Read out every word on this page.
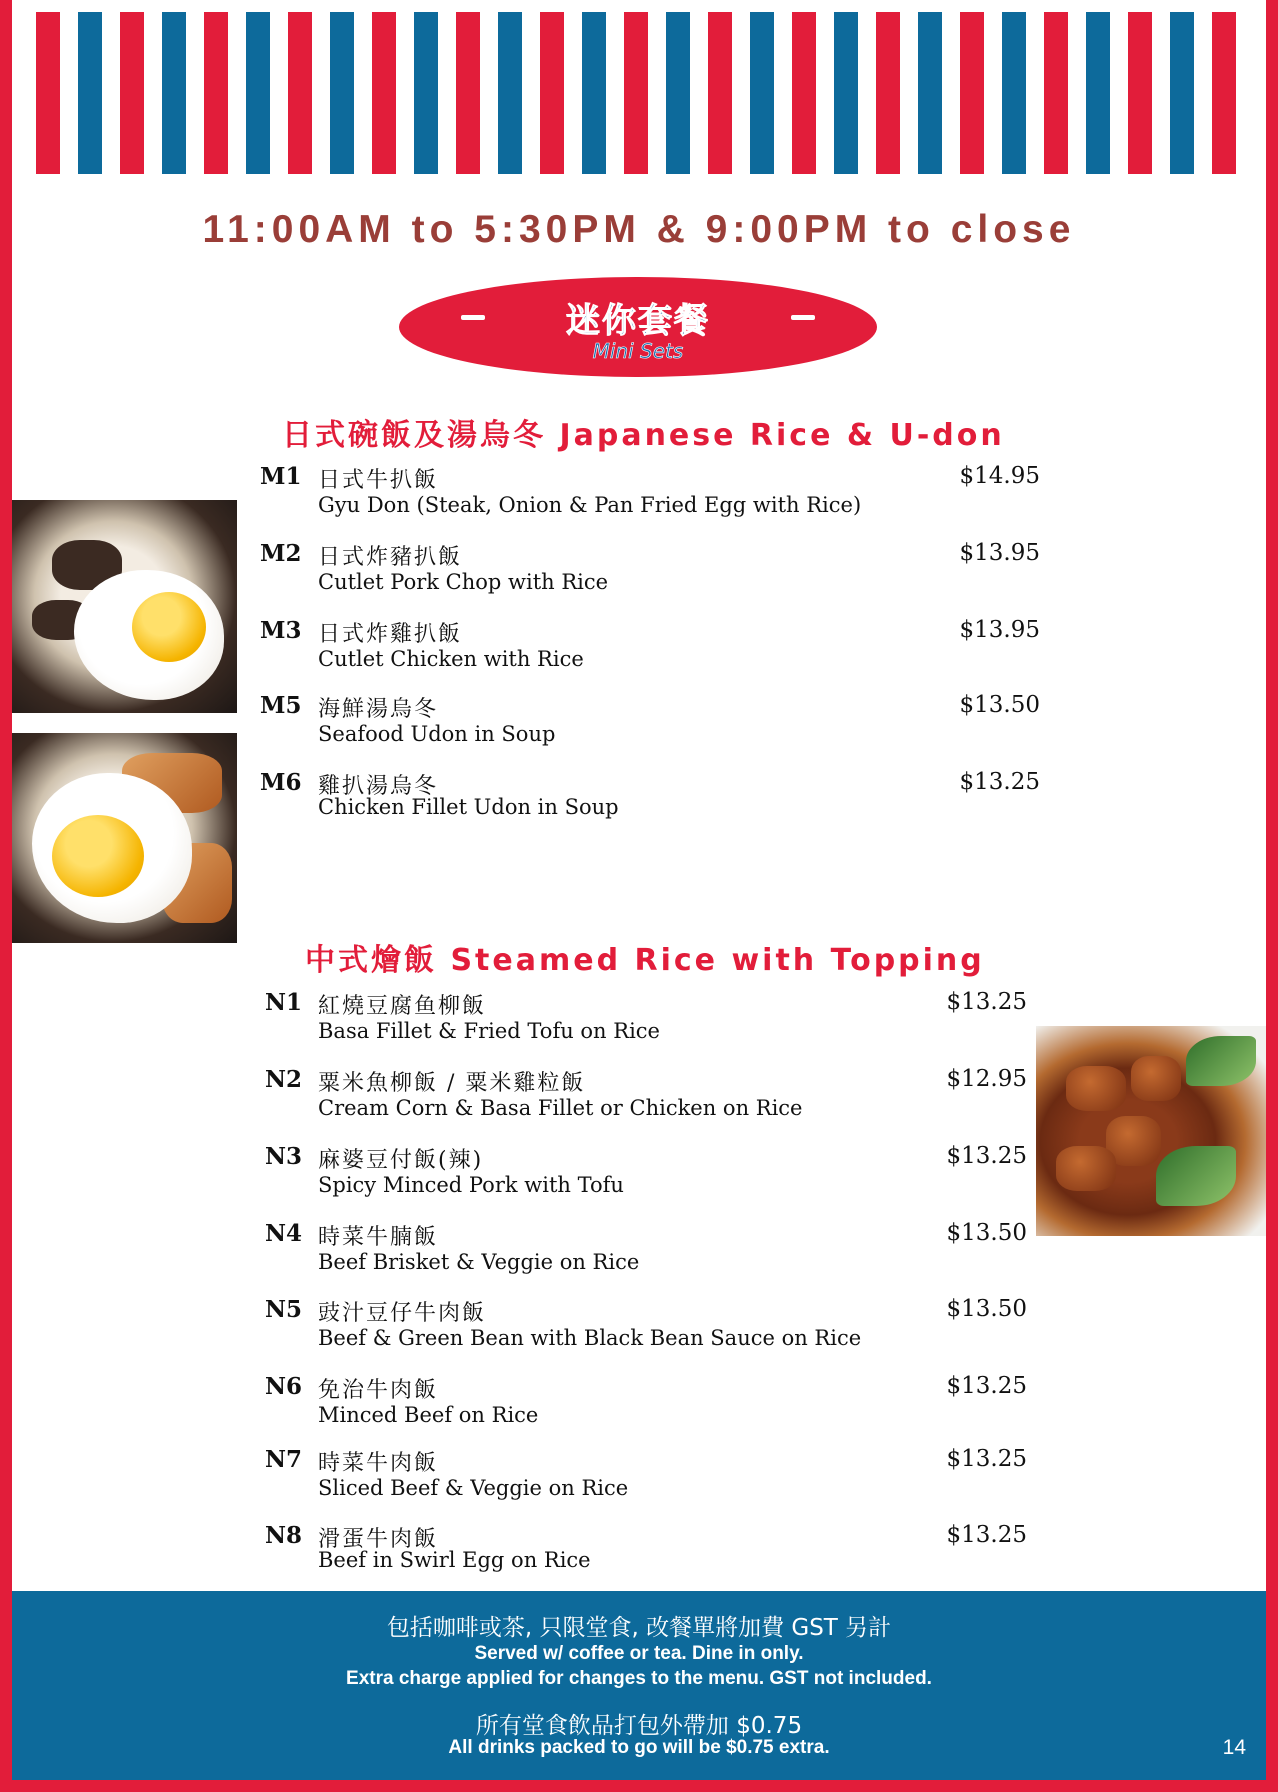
11:00AM to 5:30PM & 9:00PM to close
迷你套餐
Mini Sets
日式碗飯及湯烏冬 Japanese Rice & U-don
M1 日式牛扒飯
Gyu Don (Steak, Onion & Pan Fried Egg with Rice)
$14.95
M2 日式炸豬扒飯
Cutlet Pork Chop with Rice
$13.95
M3 日式炸雞扒飯
Cutlet Chicken with Rice
$13.95
M5 海鮮湯烏冬
Seafood Udon in Soup
$13.50
M6 雞扒湯烏冬
Chicken Fillet Udon in Soup
$13.25
中式燴飯 Steamed Rice with Topping
N1 紅燒豆腐鱼柳飯
Basa Fillet & Fried Tofu on Rice
$13.25
N2 粟米魚柳飯 / 粟米雞粒飯
Cream Corn & Basa Fillet or Chicken on Rice
$12.95
N3 麻婆豆付飯(辣)
Spicy Minced Pork with Tofu
$13.25
N4 時菜牛腩飯
Beef Brisket & Veggie on Rice
$13.50
N5 豉汁豆仔牛肉飯
Beef & Green Bean with Black Bean Sauce on Rice
$13.50
N6 免治牛肉飯
Minced Beef on Rice
$13.25
N7 時菜牛肉飯
Sliced Beef & Veggie on Rice
$13.25
N8 滑蛋牛肉飯
Beef in Swirl Egg on Rice
$13.25
包括咖啡或茶, 只限堂食, 改餐單將加費 GST 另計
Served w/ coffee or tea. Dine in only.
Extra charge applied for changes to the menu. GST not included.
所有堂食飲品打包外帶加 $0.75
All drinks packed to go will be $0.75 extra.	14
